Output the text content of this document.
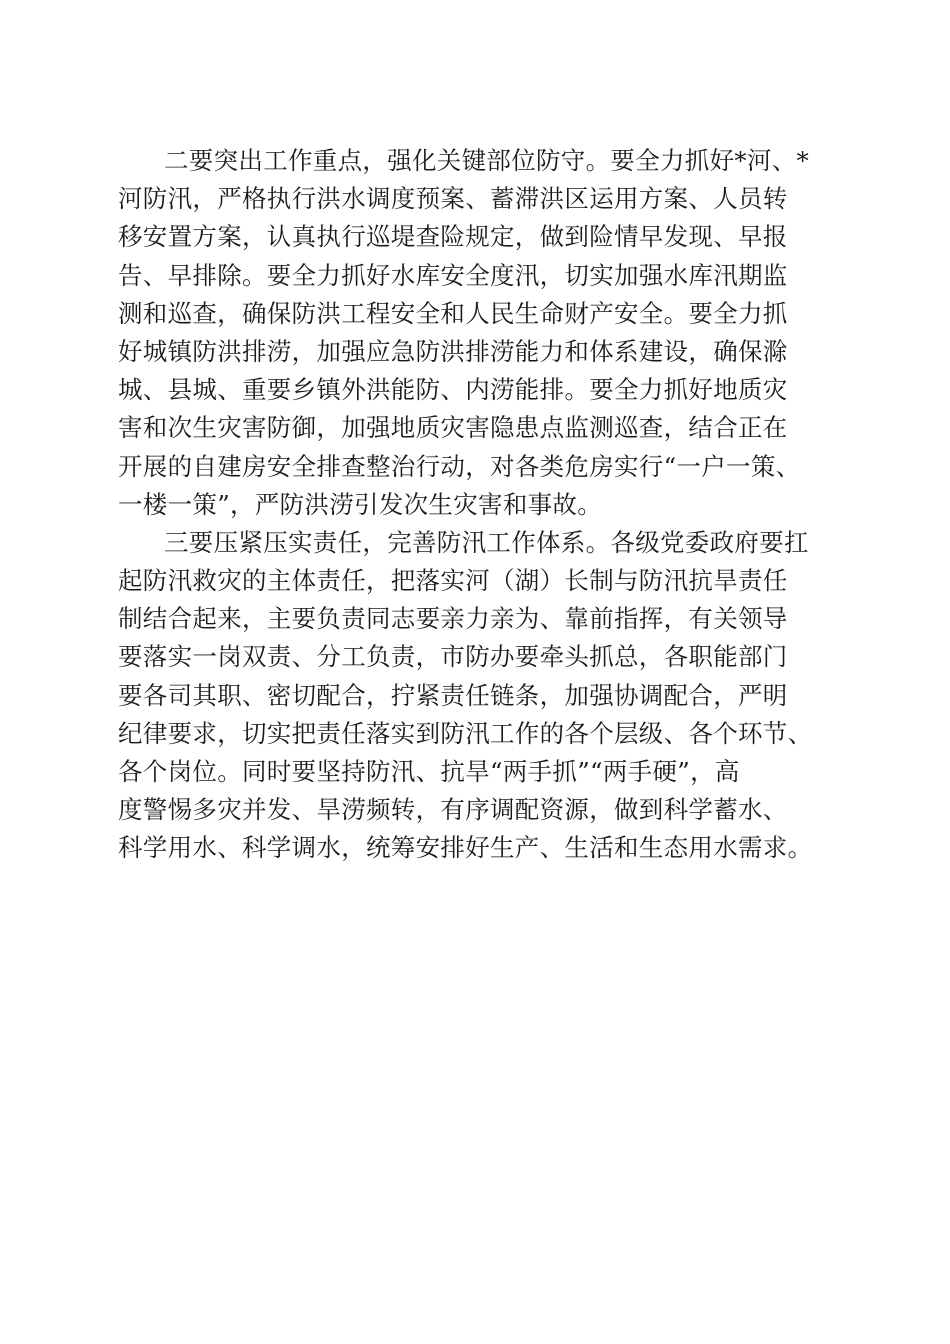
二要突出工作重点，强化关键部位防守。要全力抓好*河、*
河防汛，严格执行洪水调度预案、蓄滞洪区运用方案、人员转
移安置方案，认真执行巡堤查险规定，做到险情早发现、早报
告、早排除。要全力抓好水库安全度汛，切实加强水库汛期监
测和巡查，确保防洪工程安全和人民生命财产安全。要全力抓
好城镇防洪排涝，加强应急防洪排涝能力和体系建设，确保滁
城、县城、重要乡镇外洪能防、内涝能排。要全力抓好地质灾
害和次生灾害防御，加强地质灾害隐患点监测巡查，结合正在
开展的自建房安全排查整治行动，对各类危房实行“一户一策、
一楼一策”，严防洪涝引发次生灾害和事故。
三要压紧压实责任，完善防汛工作体系。各级党委政府要扛
起防汛救灾的主体责任，把落实河（湖）长制与防汛抗旱责任
制结合起来，主要负责同志要亲力亲为、靠前指挥，有关领导
要落实一岗双责、分工负责，市防办要牵头抓总，各职能部门
要各司其职、密切配合，拧紧责任链条，加强协调配合，严明
纪律要求，切实把责任落实到防汛工作的各个层级、各个环节、
各个岗位。同时要坚持防汛、抗旱“两手抓”“两手硬”，高
度警惕多灾并发、旱涝频转，有序调配资源，做到科学蓄水、
科学用水、科学调水，统筹安排好生产、生活和生态用水需求。
